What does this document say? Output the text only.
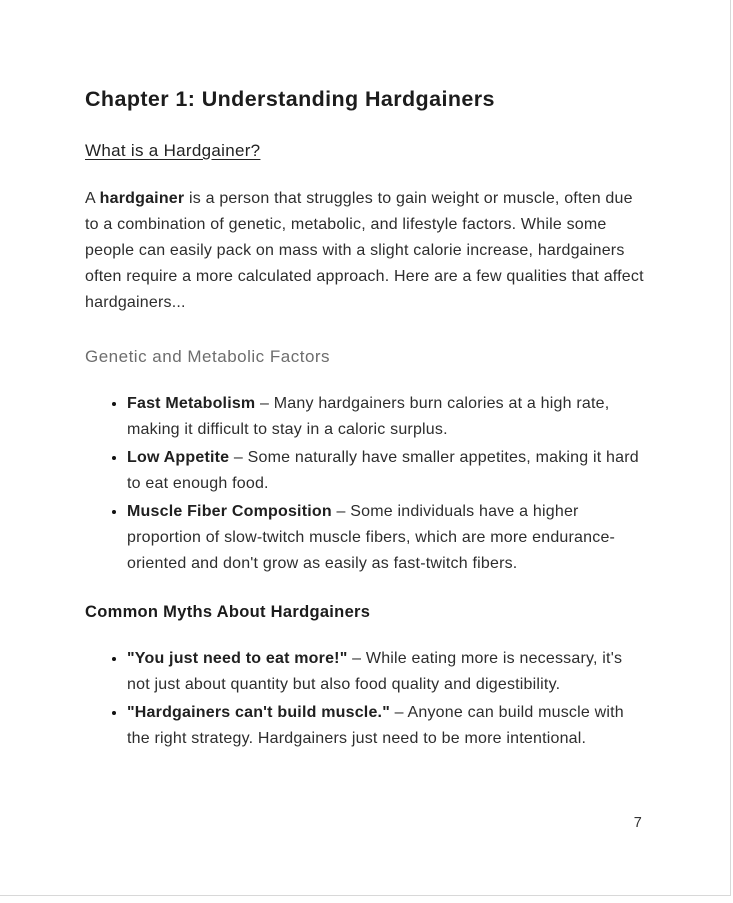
Chapter 1: Understanding Hardgainers
What is a Hardgainer?

A hardgainer is a person that struggles to gain weight or muscle, often due to a combination of genetic, metabolic, and lifestyle factors. While some people can easily pack on mass with a slight calorie increase, hardgainers often require a more calculated approach. Here are a few qualities that affect hardgainers...

Genetic and Metabolic Factors
• Fast Metabolism – Many hardgainers burn calories at a high rate, making it difficult to stay in a caloric surplus.
• Low Appetite – Some naturally have smaller appetites, making it hard to eat enough food.
• Muscle Fiber Composition – Some individuals have a higher proportion of slow-twitch muscle fibers, which are more endurance-oriented and don't grow as easily as fast-twitch fibers.
Common Myths About Hardgainers
• "You just need to eat more!" – While eating more is necessary, it's not just about quantity but also food quality and digestibility.
• "Hardgainers can't build muscle." – Anyone can build muscle with the right strategy. Hardgainers just need to be more intentional.
7
